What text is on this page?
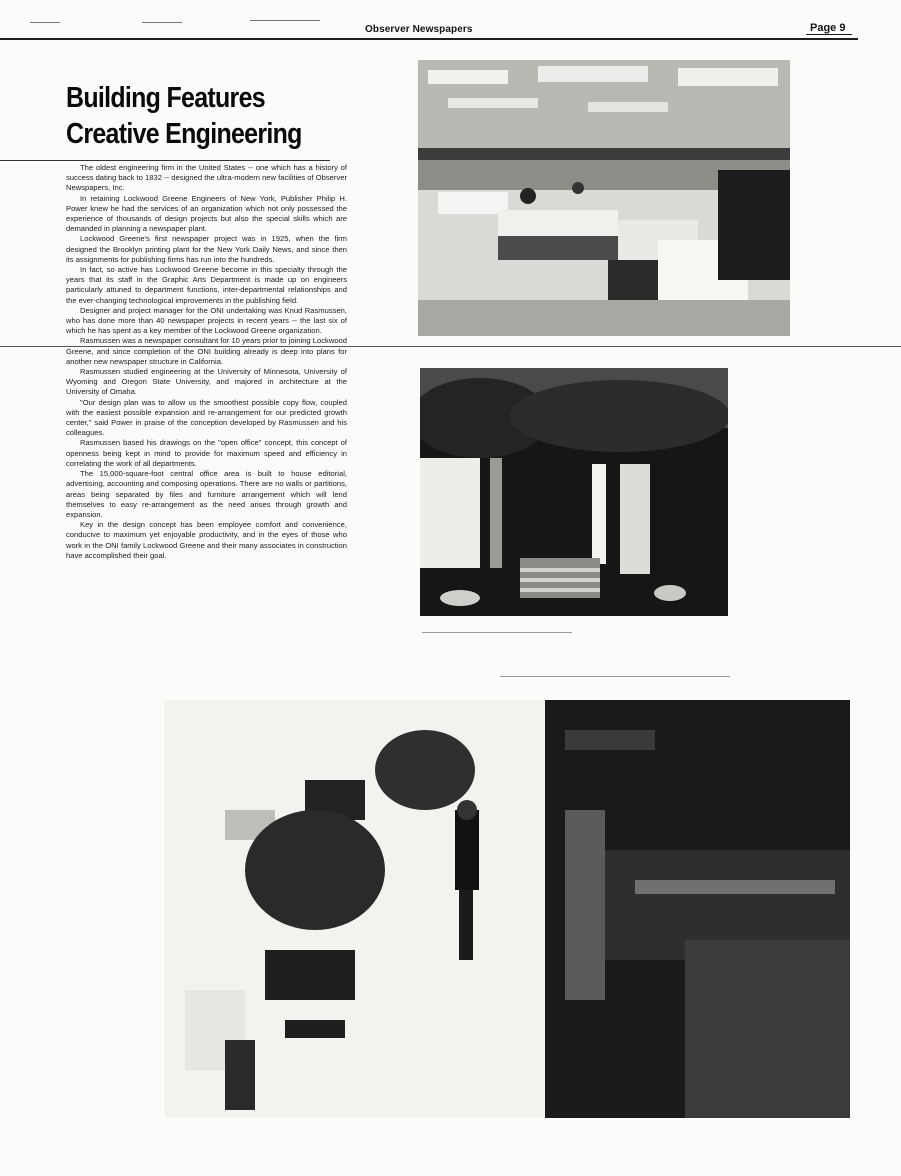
Observer Newspapers	Page 9
Building Features
Creative Engineering

The oldest engineering firm in the United States -- one which has a history of success dating back to 1832 -- designed the ultra-modern new facilities of Observer Newspapers, Inc.

In retaining Lockwood Greene Engineers of New York, Publisher Philip H. Power knew he had the services of an organization which not only possessed the experience of thousands of design projects but also the special skills which are demanded in planning a newspaper plant.

Lockwood Greene's first newspaper project was in 1925, when the firm designed the Brooklyn printing plant for the New York Daily News, and since then its assignments for publishing firms has run into the hundreds.

In fact, so active has Lockwood Greene become in this specialty through the years that its staff in the Graphic Arts Department is made up on engineers particularly attuned to department functions, inter-departmental relationships and the ever-changing technological improvements in the publishing field.

Designer and project manager for the ONI undertaking was Knud Rasmussen, who has done more than 40 newspaper projects in recent years -- the last six of which he has spent as a key member of the Lockwood Greene organization.

Rasmussen was a newspaper consultant for 10 years prior to joining Lockwood Greene, and since completion of the ONI building already is deep into plans for another new newspaper structure in California.

Rasmussen studied engineering at the University of Minnesota, University of Wyoming and Oregon State University, and majored in architecture at the University of Omaha.

"Our design plan was to allow us the smoothest possible copy flow, coupled with the easiest possible expansion and re-arrangement for our predicted growth center," said Power in praise of the conception developed by Rasmussen and his colleagues.

Rasmussen based his drawings on the "open office" concept, this concept of openness being kept in mind to provide for maximum speed and efficiency in correlating the work of all departments.

The 15,000-square-foot central office area is built to house editorial, advertising, accounting and composing operations. There are no walls or partitions, areas being separated by files and furniture arrangement which will lend themselves to easy re-arrangement as the need arises through growth and expansion.

Key in the design concept has been employee comfort and convenience, conducive to maximum yet enjoyable productivity, and in the eyes of those who work in the ONI family Lockwood Greene and their many associates in construction have accomplished their goal.
